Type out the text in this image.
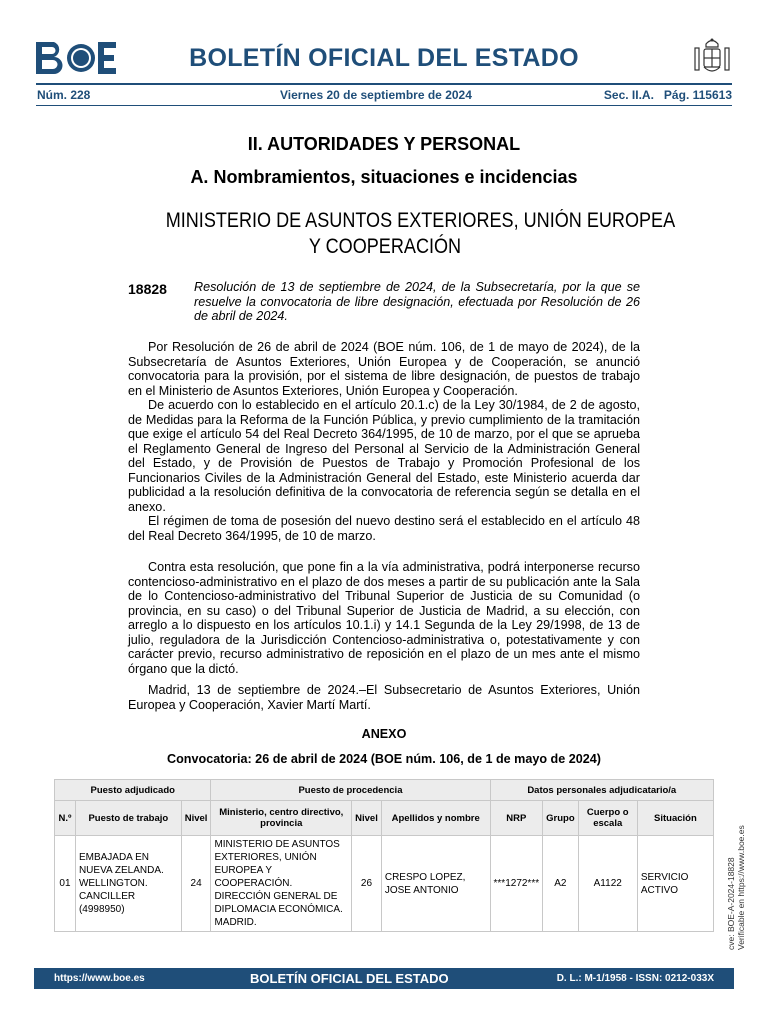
BOLETÍN OFICIAL DEL ESTADO
Núm. 228	Viernes 20 de septiembre de 2024	Sec. II.A.   Pág. 115613
II. AUTORIDADES Y PERSONAL
A. Nombramientos, situaciones e incidencias
MINISTERIO DE ASUNTOS EXTERIORES, UNIÓN EUROPEA
Y COOPERACIÓN
18828 Resolución de 13 de septiembre de 2024, de la Subsecretaría, por la que se resuelve la convocatoria de libre designación, efectuada por Resolución de 26 de abril de 2024.

Por Resolución de 26 de abril de 2024 (BOE núm. 106, de 1 de mayo de 2024), de la Subsecretaría de Asuntos Exteriores, Unión Europea y de Cooperación, se anunció convocatoria para la provisión, por el sistema de libre designación, de puestos de trabajo en el Ministerio de Asuntos Exteriores, Unión Europea y Cooperación.

De acuerdo con lo establecido en el artículo 20.1.c) de la Ley 30/1984, de 2 de agosto, de Medidas para la Reforma de la Función Pública, y previo cumplimiento de la tramitación que exige el artículo 54 del Real Decreto 364/1995, de 10 de marzo, por el que se aprueba el Reglamento General de Ingreso del Personal al Servicio de la Administración General del Estado, y de Provisión de Puestos de Trabajo y Promoción Profesional de los Funcionarios Civiles de la Administración General del Estado, este Ministerio acuerda dar publicidad a la resolución definitiva de la convocatoria de referencia según se detalla en el anexo.

El régimen de toma de posesión del nuevo destino será el establecido en el artículo 48 del Real Decreto 364/1995, de 10 de marzo.

Contra esta resolución, que pone fin a la vía administrativa, podrá interponerse recurso contencioso-administrativo en el plazo de dos meses a partir de su publicación ante la Sala de lo Contencioso-administrativo del Tribunal Superior de Justicia de su Comunidad (o provincia, en su caso) o del Tribunal Superior de Justicia de Madrid, a su elección, con arreglo a lo dispuesto en los artículos 10.1.i) y 14.1 Segunda de la Ley 29/1998, de 13 de julio, reguladora de la Jurisdicción Contencioso-administrativa o, potestativamente y con carácter previo, recurso administrativo de reposición en el plazo de un mes ante el mismo órgano que la dictó.

Madrid, 13 de septiembre de 2024.–El Subsecretario de Asuntos Exteriores, Unión Europea y Cooperación, Xavier Martí Martí.

ANEXO
Convocatoria: 26 de abril de 2024 (BOE núm. 106, de 1 de mayo de 2024)
Puesto adjudicado			Puesto de procedencia			Datos personales adjudicatario/a			
N.º	Puesto de trabajo	Nivel	Ministerio, centro directivo, provincia	Nivel	Apellidos y nombre	NRP	Grupo	Cuerpo o escala	Situación
01	EMBAJADA EN NUEVA ZELANDA. WELLINGTON. CANCILLER (4998950)	24	MINISTERIO DE ASUNTOS EXTERIORES, UNIÓN EUROPEA Y COOPERACIÓN. DIRECCIÓN GENERAL DE DIPLOMACIA ECONÓMICA. MADRID.	26	CRESPO LOPEZ, JOSE ANTONIO	***1272***	A2	A1122	SERVICIO ACTIVO	cve: BOE-A-2024-18828 Verificable en https://www.boe.es
https://www.boe.es	BOLETÍN OFICIAL DEL ESTADO	D. L.: M-1/1958 - ISSN: 0212-033X
